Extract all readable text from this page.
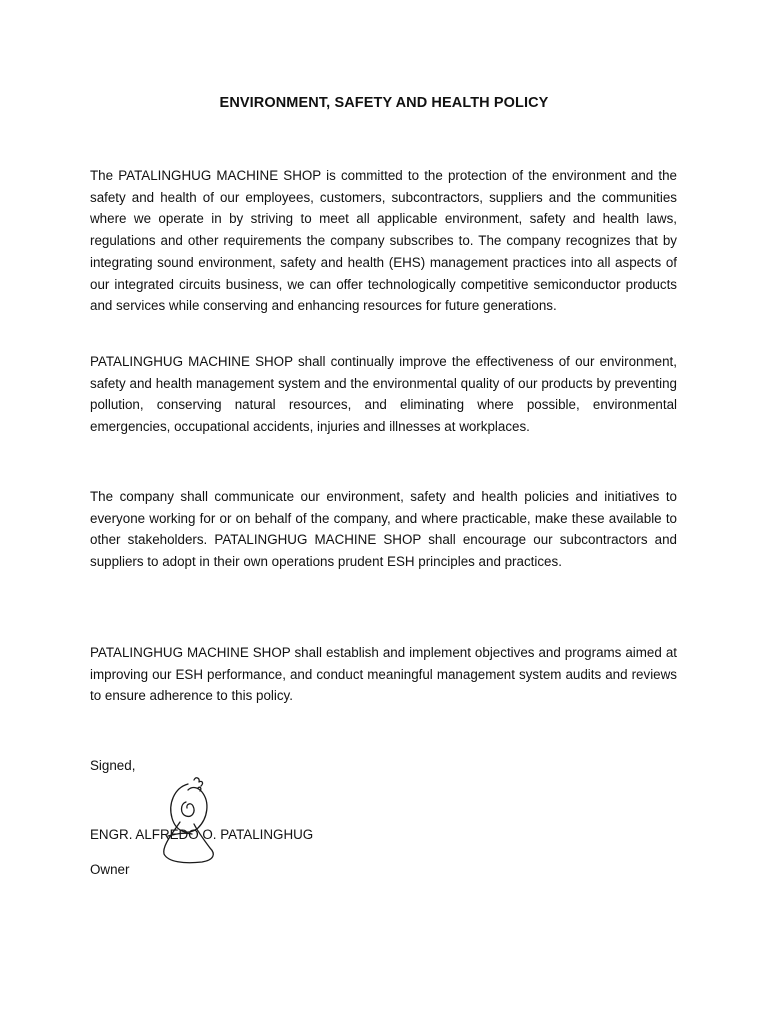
ENVIRONMENT, SAFETY AND HEALTH POLICY

The PATALINGHUG MACHINE SHOP is committed to the protection of the environment and the safety and health of our employees, customers, subcontractors, suppliers and the communities where we operate in by striving to meet all applicable environment, safety and health laws, regulations and other requirements the company subscribes to. The company recognizes that by integrating sound environment, safety and health (EHS) management practices into all aspects of our integrated circuits business, we can offer technologically competitive semiconductor products and services while conserving and enhancing resources for future generations.

PATALINGHUG MACHINE SHOP shall continually improve the effectiveness of our environment, safety and health management system and the environmental quality of our products by preventing pollution, conserving natural resources, and eliminating where possible, environmental emergencies, occupational accidents, injuries and illnesses at workplaces.

The company shall communicate our environment, safety and health policies and initiatives to everyone working for or on behalf of the company, and where practicable, make these available to other stakeholders. PATALINGHUG MACHINE SHOP shall encourage our subcontractors and suppliers to adopt in their own operations prudent ESH principles and practices.

PATALINGHUG MACHINE SHOP shall establish and implement objectives and programs aimed at improving our ESH performance, and conduct meaningful management system audits and reviews to ensure adherence to this policy.

Signed,

ENGR. ALFREDO O. PATALINGHUG

Owner
